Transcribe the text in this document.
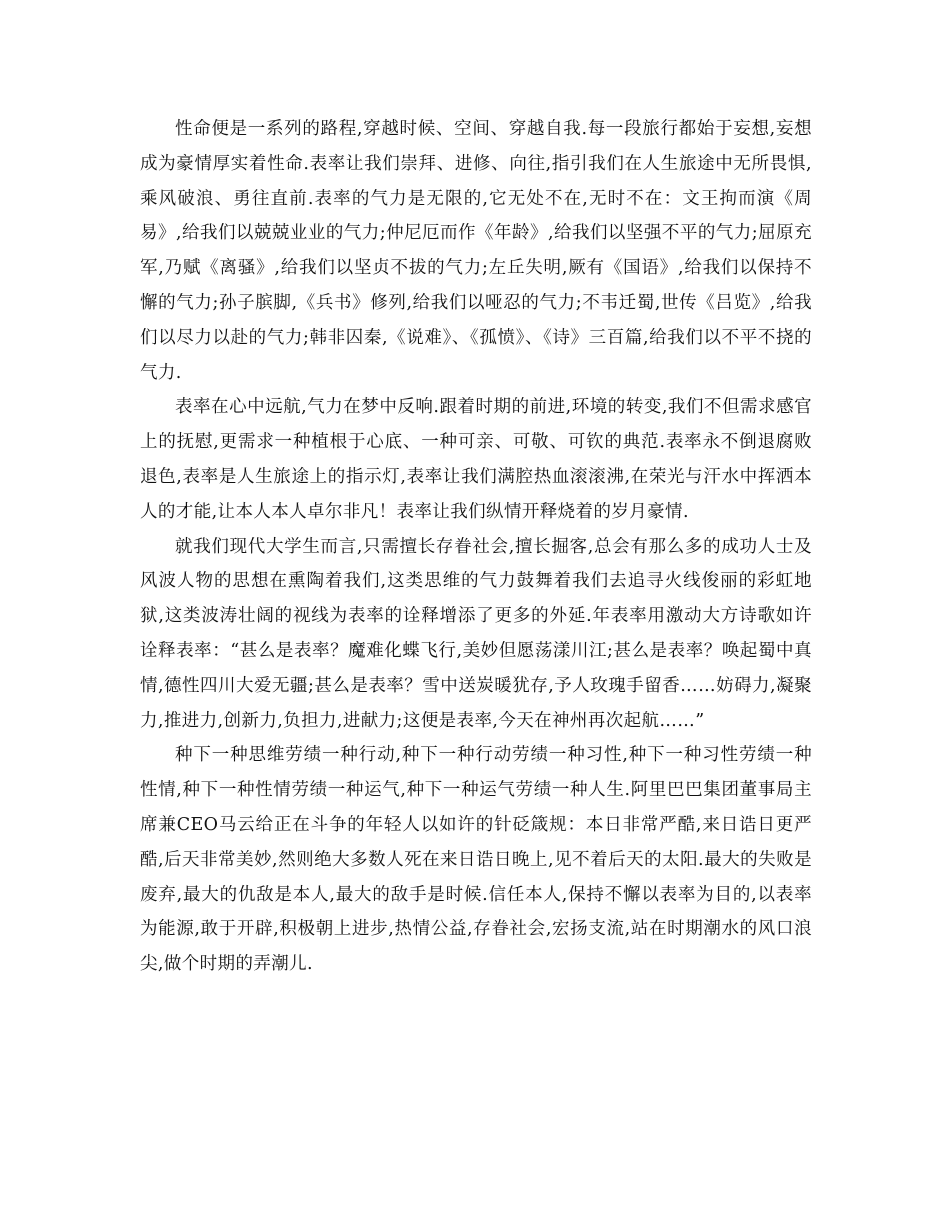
性命便是一系列的路程,穿越时候、空间、穿越自我.每一段旅行都始于妄想,妄想成为豪情厚实着性命.表率让我们崇拜、进修、向往,指引我们在人生旅途中无所畏惧,乘风破浪、勇往直前.表率的气力是无限的,它无处不在,无时不在：文王拘而演《周易》,给我们以兢兢业业的气力;仲尼厄而作《年龄》,给我们以坚强不平的气力;屈原充军,乃赋《离骚》,给我们以坚贞不拔的气力;左丘失明,厥有《国语》,给我们以保持不懈的气力;孙子膑脚,《兵书》修列,给我们以哑忍的气力;不韦迁蜀,世传《吕览》,给我们以尽力以赴的气力;韩非囚秦,《说难》、《孤愤》、《诗》三百篇,给我们以不平不挠的气力.

表率在心中远航,气力在梦中反响.跟着时期的前进,环境的转变,我们不但需求感官上的抚慰,更需求一种植根于心底、一种可亲、可敬、可钦的典范.表率永不倒退腐败退色,表率是人生旅途上的指示灯,表率让我们满腔热血滚滚沸,在荣光与汗水中挥洒本人的才能,让本人本人卓尔非凡！表率让我们纵情开释烧着的岁月豪情.

就我们现代大学生而言,只需擅长存眷社会,擅长掘客,总会有那么多的成功人士及风波人物的思想在熏陶着我们,这类思维的气力鼓舞着我们去追寻火线俊丽的彩虹地狱,这类波涛壮阔的视线为表率的诠释增添了更多的外延.年表率用激动大方诗歌如许诠释表率：“甚么是表率？魔难化蝶飞行,美妙但愿荡漾川江;甚么是表率？唤起蜀中真情,德性四川大爱无疆;甚么是表率？雪中送炭暖犹存,予人玫瑰手留香……妨碍力,凝聚力,推进力,创新力,负担力,进献力;这便是表率,今天在神州再次起航……”

种下一种思维劳绩一种行动,种下一种行动劳绩一种习性,种下一种习性劳绩一种性情,种下一种性情劳绩一种运气,种下一种运气劳绩一种人生.阿里巴巴集团董事局主席兼CEO马云给正在斗争的年轻人以如许的针砭箴规：本日非常严酷,来日诰日更严酷,后天非常美妙,然则绝大多数人死在来日诰日晚上,见不着后天的太阳.最大的失败是废弃,最大的仇敌是本人,最大的敌手是时候.信任本人,保持不懈以表率为目的,以表率为能源,敢于开辟,积极朝上进步,热情公益,存眷社会,宏扬支流,站在时期潮水的风口浪尖,做个时期的弄潮儿.
